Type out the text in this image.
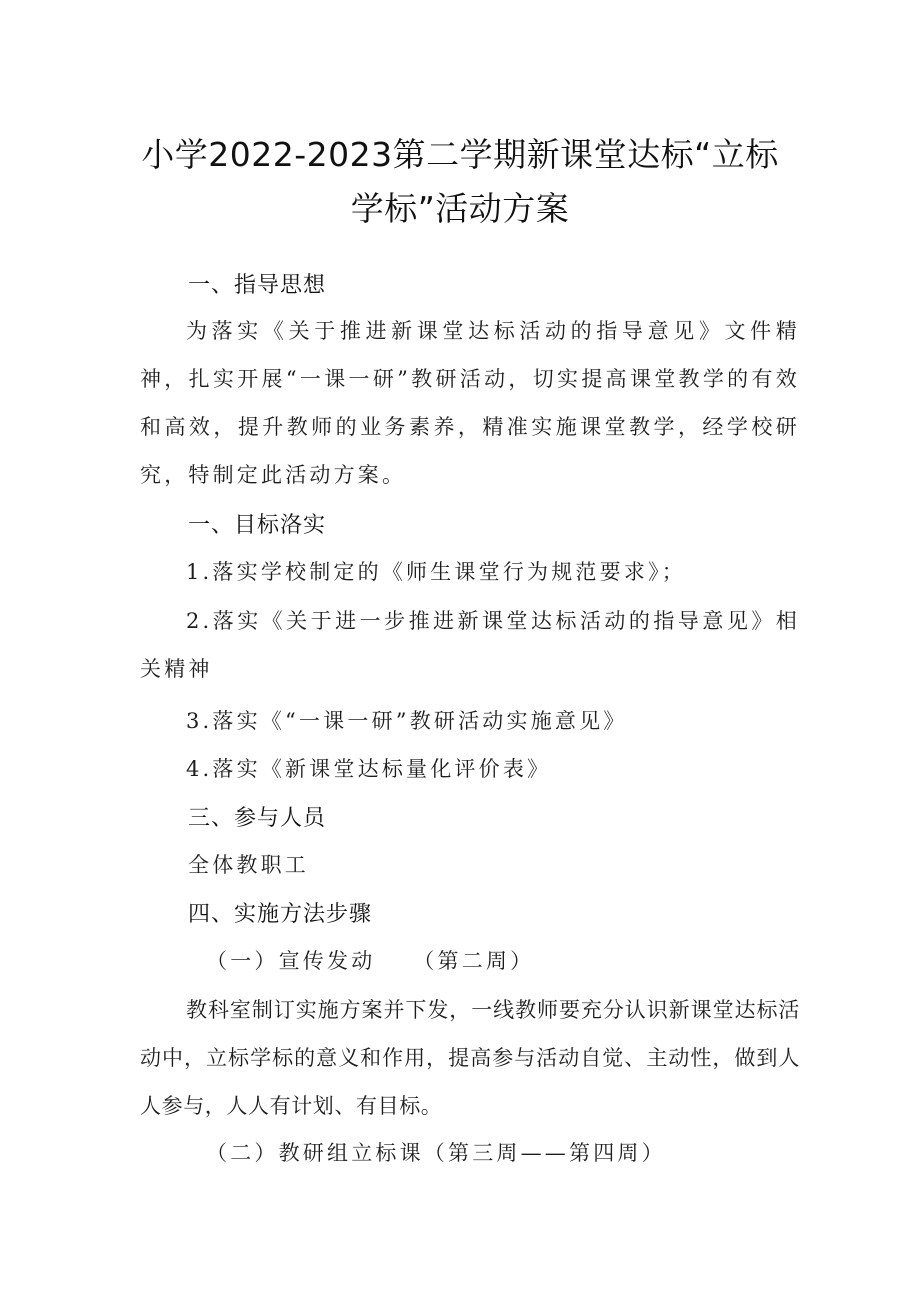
小学2022-2023第二学期新课堂达标“立标
学标”活动方案
一、指导思想
为落实《关于推进新课堂达标活动的指导意见》文件精神，扎实开展“一课一研”教研活动，切实提高课堂教学的有效和高效，提升教师的业务素养，精准实施课堂教学，经学校研究，特制定此活动方案。
一、目标洛实
1.落实学校制定的《师生课堂行为规范要求》；
2.落实《关于进一步推进新课堂达标活动的指导意见》相关精神
3.落实《“一课一研”教研活动实施意见》
4.落实《新课堂达标量化评价表》
三、参与人员
全体教职工
四、实施方法步骤
（一）宣传发动　　（第二周）
教科室制订实施方案并下发，一线教师要充分认识新课堂达标活动中，立标学标的意义和作用，提高参与活动自觉、主动性，做到人人参与，人人有计划、有目标。
（二）教研组立标课（第三周——第四周）
